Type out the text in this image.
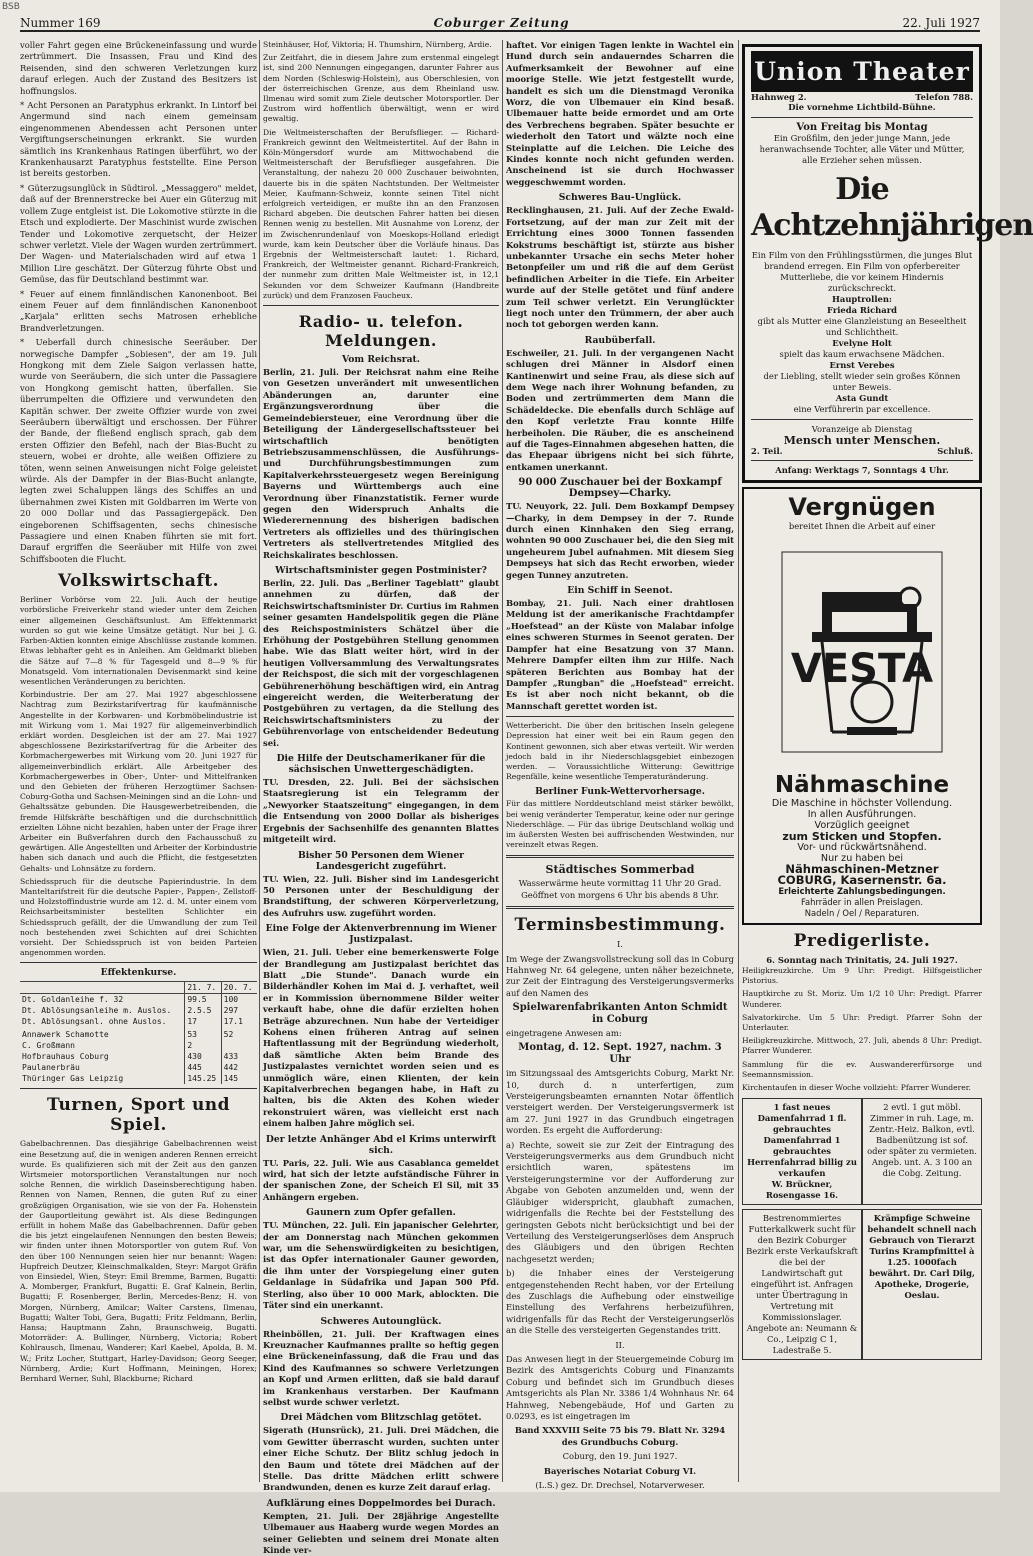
BSB
Nummer 169	Coburger Zeitung	22. Juli 1927

voller Fahrt gegen eine Brückeneinfassung und wurde zertrümmert. Die Insassen, Frau und Kind des Reisenden, sind den schweren Verletzungen kurz darauf erlegen. Auch der Zustand des Besitzers ist hoffnungslos.

* Acht Personen an Paratyphus erkrankt. In Lintorf bei Angermund sind nach einem gemeinsam eingenommenen Abendessen acht Personen unter Vergiftungserscheinungen erkrankt. Sie wurden sämtlich ins Krankenhaus Ratingen überführt, wo der Krankenhausarzt Paratyphus feststellte. Eine Person ist bereits gestorben.

* Güterzugsunglück in Südtirol. „Messaggero" meldet, daß auf der Brennerstrecke bei Auer ein Güterzug mit vollem Zuge entgleist ist. Die Lokomotive stürzte in die Etsch und explodierte. Der Maschinist wurde zwischen Tender und Lokomotive zerquetscht, der Heizer schwer verletzt. Viele der Wagen wurden zertrümmert. Der Wagen- und Materialschaden wird auf etwa 1 Million Lire geschätzt. Der Güterzug führte Obst und Gemüse, das für Deutschland bestimmt war.

* Feuer auf einem finnländischen Kanonenboot. Bei einem Feuer auf dem finnländischen Kanonenboot „Karjala" erlitten sechs Matrosen erhebliche Brandverletzungen.

* Ueberfall durch chinesische Seeräuber. Der norwegische Dampfer „Sobiesen", der am 19. Juli Hongkong mit dem Ziele Saigon verlassen hatte, wurde von Seeräubern, die sich unter die Passagiere von Hongkong gemischt hatten, überfallen. Sie überrumpelten die Offiziere und verwundeten den Kapitän schwer. Der zweite Offizier wurde von zwei Seeräubern überwältigt und erschossen. Der Führer der Bande, der fließend englisch sprach, gab dem ersten Offizier den Befehl, nach der Bias-Bucht zu steuern, wobei er drohte, alle weißen Offiziere zu töten, wenn seinen Anweisungen nicht Folge geleistet würde. Als der Dampfer in der Bias-Bucht anlangte, legten zwei Schaluppen längs des Schiffes an und übernahmen zwei Kisten mit Goldbarren im Werte von 20 000 Dollar und das Passagiergepäck. Den eingeborenen Schiffsagenten, sechs chinesische Passagiere und einen Knaben führten sie mit fort. Darauf ergriffen die Seeräuber mit Hilfe von zwei Schiffsbooten die Flucht.

Volkswirtschaft.

Berliner Vorbörse vom 22. Juli. Auch der heutige vorbörsliche Freiverkehr stand wieder unter dem Zeichen einer allgemeinen Geschäftsunlust. Am Effektenmarkt wurden so gut wie keine Umsätze getätigt. Nur bei J. G. Farben-Aktien konnten einige Abschlüsse zustande kommen. Etwas lebhafter geht es in Anleihen. Am Geldmarkt blieben die Sätze auf 7—8 % für Tagesgeld und 8—9 % für Monatsgeld. Vom internationalen Devisenmarkt sind keine wesentlichen Veränderungen zu berichten.

Korbindustrie. Der am 27. Mai 1927 abgeschlossene Nachtrag zum Bezirkstarifvertrag für kaufmännische Angestellte in der Korbwaren- und Korbmöbelindustrie ist mit Wirkung vom 1. Mai 1927 für allgemeinverbindlich erklärt worden. Desgleichen ist der am 27. Mai 1927 abgeschlossene Bezirkstarifvertrag für die Arbeiter des Korbmachergewerbes mit Wirkung vom 20. Juni 1927 für allgemeinverbindlich erklärt. Alle Arbeitgeber des Korbmachergewerbes in Ober-, Unter- und Mittelfranken und den Gebieten der früheren Herzogtümer Sachsen-Coburg-Gotha und Sachsen-Meiningen sind an die Lohn- und Gehaltssätze gebunden. Die Hausgewerbetreibenden, die fremde Hilfskräfte beschäftigen und die durchschnittlich erzielten Löhne nicht bezahlen, haben unter der Frage ihrer Arbeiter ein Bußverfahren durch den Fachausschuß zu gewärtigen. Alle Angestellten und Arbeiter der Korbindustrie haben sich danach und auch die Pflicht, die festgesetzten Gehalts- und Lohnsätze zu fordern.

Schiedsspruch für die deutsche Papierindustrie. In dem Manteltarifstreit für die deutsche Papier-, Pappen-, Zellstoff- und Holzstoffindustrie wurde am 12. d. M. unter einem vom Reichsarbeitsminister bestellten Schlichter ein Schiedsspruch gefällt, der die Umwandlung der zum Teil noch bestehenden zwei Schichten auf drei Schichten vorsieht. Der Schiedsspruch ist von beiden Parteien angenommen worden.

Effektenkurse.
	21. 7.	20. 7.
Dt. Goldanleihe f. 32	99.5	100
Dt. Ablösungsanleihe m. Auslos.	2.5.5	297
Dt. Ablösungsanl. ohne Auslos.	17	17.1

Annawerk Schamotte	53	52
C. Großmann	2	
Hofbrauhaus Coburg	430	433
Paulanerbräu	445	442
Thüringer Gas Leipzig	145.25	145
Turnen, Sport und Spiel.

Gabelbachrennen. Das diesjährige Gabelbachrennen weist eine Besetzung auf, die in wenigen anderen Rennen erreicht wurde. Es qualifizieren sich mit der Zeit aus den ganzen Wirtsmeier motorsportlichen Veranstaltungen nur noch solche Rennen, die wirklich Daseinsberechtigung haben. Rennen von Namen, Rennen, die guten Ruf zu einer großzügigen Organisation, wie sie von der Fa. Hohenstein der Gauportleitung gewährt ist. Als diese Bedingungen erfüllt in hohem Maße das Gabelbachrennen. Dafür geben die bis jetzt eingelaufenen Nennungen den besten Beweis; wir finden unter ihnen Motorsportler von gutem Ruf. Von den über 100 Nennungen seien hier nur benannt: Wagen: Hupfreich Deutzer, Kleinschmalkalden, Steyr: Margot Gräfin von Einsiedel, Wien, Steyr: Emil Bremme, Barmen, Bugatti: A. Momberger, Frankfurt, Bugatti: E. Graf Kalnein, Berlin, Bugatti; F. Rosenberger, Berlin, Mercedes-Benz; H. von Morgen, Nürnberg, Amilcar; Walter Carstens, Ilmenau, Bugatti; Walter Tobi, Gera, Bugatti; Fritz Feldmann, Berlin, Hansa; Hauptmann Zahn, Braunschweig, Bugatti. Motorräder: A. Bullinger, Nürnberg, Victoria; Robert Kohlrausch, Ilmenau, Wanderer; Karl Kaebel, Apolda, B. M. W.; Fritz Locher, Stuttgart, Harley-Davidson; Georg Seeger, Nürnberg, Ardie; Kurt Hoffmann, Meiningen, Horex; Bernhard Werner, Suhl, Blackburne; Richard

Steinhäuser, Hof, Viktoria; H. Thumshirn, Nürnberg, Ardie.

Zur Zeitfahrt, die in diesem Jahre zum erstenmal eingelegt ist, sind 200 Nennungen eingegangen, darunter Fahrer aus dem Norden (Schleswig-Holstein), aus Oberschlesien, von der österreichischen Grenze, aus dem Rheinland usw. Ilmenau wird somit zum Ziele deutscher Motorsportler. Der Zustrom wird hoffentlich überwältigt, wenn er wird gewaltig.

Die Weltmeisterschaften der Berufsflieger. — Richard-Frankreich gewinnt den Weltmeistertitel. Auf der Bahn in Köln-Müngersdorf wurde am Mittwochabend die Weltmeisterschaft der Berufsflieger ausgefahren. Die Veranstaltung, der nahezu 20 000 Zuschauer beiwohnten, dauerte bis in die späten Nachtstunden. Der Weltmeister Meier, Kaufmann-Schweiz, konnte seinen Titel nicht erfolgreich verteidigen, er mußte ihn an den Franzosen Richard abgeben. Die deutschen Fahrer hatten bei diesen Rennen wenig zu bestellen. Mit Ausnahme von Lorenz, der im Zwischenrundenlauf von Moeskops-Holland erledigt wurde, kam kein Deutscher über die Vorläufe hinaus. Das Ergebnis der Weltmeisterschaft lautet: 1. Richard, Frankreich, der Weltmeister genannt. Richard-Frankreich, der nunmehr zum dritten Male Weltmeister ist, in 12,1 Sekunden vor dem Schweizer Kaufmann (Handbreite zurück) und dem Franzosen Faucheux.

Radio- u. telefon. Meldungen.
Vom Reichsrat.

Berlin, 21. Juli. Der Reichsrat nahm eine Reihe von Gesetzen unverändert mit unwesentlichen Abänderungen an, darunter eine Ergänzungsverordnung über die Gemeindebiersteuer, eine Verordnung über die Beteiligung der Ländergesellschaftssteuer bei wirtschaftlich benötigten Betriebszusammenschlüssen, die Ausführungs- und Durchführungsbestimmungen zum Kapitalverkehrssteuergesetz wegen Bereinigung Bayerns und Württembergs auch eine Verordnung über Finanzstatistik. Ferner wurde gegen den Widerspruch Anhalts die Wiederernennung des bisherigen badischen Vertreters als offizielles und des thüringischen Vertreters als stellvertretendes Mitglied des Reichskalirates beschlossen.

Wirtschaftsminister gegen Postminister?

Berlin, 22. Juli. Das „Berliner Tageblatt" glaubt annehmen zu dürfen, daß der Reichswirtschaftsminister Dr. Curtius im Rahmen seiner gesamten Handelspolitik gegen die Pläne des Reichspostministers Schätzel über die Erhöhung der Postgebühren Stellung genommen habe. Wie das Blatt weiter hört, wird in der heutigen Vollversammlung des Verwaltungsrates der Reichspost, die sich mit der vorgeschlagenen Gebührenerhöhung beschäftigen wird, ein Antrag eingereicht werden, die Weiterberatung der Postgebühren zu vertagen, da die Stellung des Reichswirtschaftsministers zu der Gebührenvorlage von entscheidender Bedeutung sei.

Die Hilfe der Deutschamerikaner für die sächsischen Unwettergeschädigten.

TU. Dresden, 22. Juli. Bei der sächsischen Staatsregierung ist ein Telegramm der „Newyorker Staatszeitung" eingegangen, in dem die Entsendung von 2000 Dollar als bisheriges Ergebnis der Sachsenhilfe des genannten Blattes mitgeteilt wird.

Bisher 50 Personen dem Wiener Landesgericht zugeführt.

TU. Wien, 22. Juli. Bisher sind im Landesgericht 50 Personen unter der Beschuldigung der Brandstiftung, der schweren Körperverletzung, des Aufruhrs usw. zugeführt worden.

Eine Folge der Aktenverbrennung im Wiener Justizpalast.

Wien, 21. Juli. Ueber eine bemerkenswerte Folge der Brandlegung am Justizpalast berichtet das Blatt „Die Stunde". Danach wurde ein Bilderhändler Kohen im Mai d. J. verhaftet, weil er in Kommission übernommene Bilder weiter verkauft habe, ohne die dafür erzielten hohen Beträge abzurechnen. Nun habe der Verteidiger Kohens einen früheren Antrag auf seinen Haftentlassung mit der Begründung wiederholt, daß sämtliche Akten beim Brande des Justizpalastes vernichtet worden seien und es unmöglich wäre, einen Klienten, der kein Kapitalverbrechen begangen habe, in Haft zu halten, bis die Akten des Kohen wieder rekonstruiert wären, was vielleicht erst nach einem halben Jahre möglich sei.

Der letzte Anhänger Abd el Krims unterwirft sich.

TU. Paris, 22. Juli. Wie aus Casablanca gemeldet wird, hat sich der letzte aufständische Führer in der spanischen Zone, der Scheich El Sil, mit 35 Anhängern ergeben.

Gaunern zum Opfer gefallen.

TU. München, 22. Juli. Ein japanischer Gelehrter, der am Donnerstag nach München gekommen war, um die Sehenswürdigkeiten zu besichtigen, ist das Opfer internationaler Gauner geworden, die ihm unter der Vorspiegelung einer guten Geldanlage in Südafrika und Japan 500 Pfd. Sterling, also über 10 000 Mark, ablockten. Die Täter sind ein unerkannt.

Schweres Autounglück.

Rheinböllen, 21. Juli. Der Kraftwagen eines Kreuznacher Kaufmannes prallte so heftig gegen eine Brückeneinfassung, daß die Frau und das Kind des Kaufmannes so schwere Verletzungen an Kopf und Armen erlitten, daß sie bald darauf im Krankenhaus verstarben. Der Kaufmann selbst wurde schwer verletzt.

Drei Mädchen vom Blitzschlag getötet.

Sigerath (Hunsrück), 21. Juli. Drei Mädchen, die vom Gewitter überrascht wurden, suchten unter einer Eiche Schutz. Der Blitz schlug jedoch in den Baum und tötete drei Mädchen auf der Stelle. Das dritte Mädchen erlitt schwere Brandwunden, denen es kurze Zeit darauf erlag.

Aufklärung eines Doppelmordes bei Durach.

Kempten, 21. Juli. Der 28jährige Angestellte Ulbemauer aus Haaberg wurde wegen Mordes an seiner Geliebten und seinem drei Monate alten Kinde ver-

haftet. Vor einigen Tagen lenkte in Wachtel ein Hund durch sein andauerndes Scharren die Aufmerksamkeit der Bewohner auf eine moorige Stelle. Wie jetzt festgestellt wurde, handelt es sich um die Dienstmagd Veronika Worz, die von Ulbemauer ein Kind besaß. Ulbemauer hatte beide ermordet und am Orte des Verbrechens begraben. Später besuchte er wiederholt den Tatort und wälzte noch eine Steinplatte auf die Leichen. Die Leiche des Kindes konnte noch nicht gefunden werden. Anscheinend ist sie durch Hochwasser weggeschwemmt worden.

Schweres Bau-Unglück.

Recklinghausen, 21. Juli. Auf der Zeche Ewald-Fortsetzung, auf der man zur Zeit mit der Errichtung eines 3000 Tonnen fassenden Kokstrums beschäftigt ist, stürzte aus bisher unbekannter Ursache ein sechs Meter hoher Betonpfeiler um und riß die auf dem Gerüst befindlichen Arbeiter in die Tiefe. Ein Arbeiter wurde auf der Stelle getötet und fünf andere zum Teil schwer verletzt. Ein Verunglückter liegt noch unter den Trümmern, der aber auch noch tot geborgen werden kann.

Raubüberfall.

Eschweiler, 21. Juli. In der vergangenen Nacht schlugen drei Männer in Alsdorf einen Kantinenwirt und seine Frau, als diese sich auf dem Wege nach ihrer Wohnung befanden, zu Boden und zertrümmerten dem Mann die Schädeldecke. Die ebenfalls durch Schläge auf den Kopf verletzte Frau konnte Hilfe herbeiholen. Die Räuber, die es anscheinend auf die Tages-Einnahmen abgesehen hatten, die das Ehepaar übrigens nicht bei sich führte, entkamen unerkannt.

90 000 Zuschauer bei der Boxkampf Dempsey—Charky.

TU. Neuyork, 22. Juli. Dem Boxkampf Dempsey—Charky, in dem Dempsey in der 7. Runde durch einen Kinnhaken den Sieg errang, wohnten 90 000 Zuschauer bei, die den Sieg mit ungeheurem Jubel aufnahmen. Mit diesem Sieg Dempseys hat sich das Recht erworben, wieder gegen Tunney anzutreten.

Ein Schiff in Seenot.

Bombay, 21. Juli. Nach einer drahtlosen Meldung ist der amerikanische Frachtdampfer „Hoefstead" an der Küste von Malabar infolge eines schweren Sturmes in Seenot geraten. Der Dampfer hat eine Besatzung von 37 Mann. Mehrere Dampfer eilten ihm zur Hilfe. Nach späteren Berichten aus Bombay hat der Dampfer „Rungban" die „Hoefstead" erreicht. Es ist aber noch nicht bekannt, ob die Mannschaft gerettet worden ist.

Wetterbericht. Die über den britischen Inseln gelegene Depression hat einer weit bei ein Raum gegen den Kontinent gewonnen, sich aber etwas verteilt. Wir werden jedoch bald in ihr Niederschlagsgebiet einbezogen werden. — Voraussichtliche Witterung: Gewittrige Regenfälle, keine wesentliche Temperaturänderung.

Berliner Funk-Wettervorhersage.

Für das mittlere Norddeutschland meist stärker bewölkt, bei wenig veränderter Temperatur, keine oder nur geringe Niederschläge. — Für das übrige Deutschland wolkig und im äußersten Westen bei auffrischenden Westwinden, nur vereinzelt etwas Regen.

Städtisches Sommerbad

Wasserwärme heute vormittag 11 Uhr 20 Grad. Geöffnet von morgens 6 Uhr bis abends 8 Uhr.

Terminsbestimmung.

I.

Im Wege der Zwangsvollstreckung soll das in Coburg Hahnweg Nr. 64 gelegene, unten näher bezeichnete, zur Zeit der Eintragung des Versteigerungsvermerks auf den Namen des

Spielwarenfabrikanten Anton Schmidt in Coburg

eingetragene Anwesen am:

Montag, d. 12. Sept. 1927, nachm. 3 Uhr

im Sitzungssaal des Amtsgerichts Coburg, Markt Nr. 10, durch d. n unterfertigen, zum Versteigerungsbeamten ernannten Notar öffentlich versteigert werden. Der Versteigerungsvermerk ist am 27. Juni 1927 in das Grundbuch eingetragen worden. Es ergeht die Aufforderung:

a) Rechte, soweit sie zur Zeit der Eintragung des Versteigerungsvermerks aus dem Grundbuch nicht ersichtlich waren, spätestens im Versteigerungstermine vor der Aufforderung zur Abgabe von Geboten anzumelden und, wenn der Gläubiger widerspricht, glaubhaft zumachen, widrigenfalls die Rechte bei der Feststellung des geringsten Gebots nicht berücksichtigt und bei der Verteilung des Versteigerungserlöses dem Anspruch des Gläubigers und den übrigen Rechten nachgesetzt werden;

b) die Inhaber eines der Versteigerung entgegenstehenden Recht haben, vor der Erteilung des Zuschlags die Aufhebung oder einstweilige Einstellung des Verfahrens herbeizuführen, widrigenfalls für das Recht der Versteigerungserlös an die Stelle des versteigerten Gegenstandes tritt.

II.

Das Anwesen liegt in der Steuergemeinde Coburg im Bezirk des Amtsgerichts Coburg und Finanzamts Coburg und befindet sich im Grundbuch dieses Amtsgerichts als Plan Nr. 3386 1/4 Wohnhaus Nr. 64 Hahnweg, Nebengebäude, Hof und Garten zu 0.0293, es ist eingetragen im

Band XXXVIII Seite 75 bis 79. Blatt Nr. 3294 des Grundbuchs Coburg.

Coburg, den 19. Juni 1927.

Bayerisches Notariat Coburg VI.

(L.S.) gez. Dr. Drechsel, Notarverweser.

Union Theater
Hahnweg 2.	Telefon 788.

Die vornehme Lichtbild-Bühne.

Von Freitag bis Montag

Ein Großfilm, den jeder junge Mann, jede heranwachsende Tochter, alle Väter und Mütter, alle Erzieher sehen müssen.

Die Achtzehnjährigen

Ein Film von den Frühlingsstürmen, die junges Blut brandend erregen. Ein Film von opferbereiter Mutterliebe, die vor keinem Hindernis zurückschreckt.

Hauptrollen:

Frieda Richard

gibt als Mutter eine Glanzleistung an Beseeltheit und Schlichtheit.

Evelyne Holt

spielt das kaum erwachsene Mädchen.

Ernst Verebes

der Liebling, stellt wieder sein großes Können unter Beweis.

Asta Gundt

eine Verführerin par excellence.

Voranzeige ab Dienstag

Mensch unter Menschen.

2. Teil.	Schluß.

Anfang: Werktags 7, Sonntags 4 Uhr.

Vergnügen

bereitet Ihnen die Arbeit auf einer

VESTA
Nähmaschine

Die Maschine in höchster Vollendung.

In allen Ausführungen.

Vorzüglich geeignet

zum Sticken und Stopfen.

Vor- und rückwärtsnähend.

Nur zu haben bei

Nähmaschinen-Metzner

COBURG, Kasernenstr. 6a.

Erleichterte Zahlungsbedingungen.

Fahrräder in allen Preislagen.

Nadeln / Oel / Reparaturen.

Predigerliste.

6. Sonntag nach Trinitatis, 24. Juli 1927.

Heiligkreuzkirche. Um 9 Uhr: Predigt. Hilfsgeistlicher Pistorius.

Hauptkirche zu St. Moriz. Um 1/2 10 Uhr: Predigt. Pfarrer Wunderer.

Salvatorkirche. Um 5 Uhr: Predigt. Pfarrer Sohn der Unterlauter.

Heiligkreuzkirche. Mittwoch, 27. Juli, abends 8 Uhr: Predigt. Pfarrer Wunderer.

Sammlung für die ev. Auswandererfürsorge und Seemannsmission.

Kirchentaufen in dieser Woche vollzieht: Pfarrer Wunderer.

1 fast neues Damenfahrrad 1 fl. gebrauchtes Damenfahrrad 1 gebrauchtes Herrenfahrrad billig zu verkaufen

W. Brückner, Rosengasse 16.

2 evtl. 1 gut möbl. Zimmer in ruh. Lage, m. Zentr.-Heiz. Balkon, evtl. Badbenützung ist sof. oder später zu vermieten. Angeb. unt. A. 3 100 an die Cobg. Zeitung.

Bestrenommiertes Futterkalkwerk sucht für den Bezirk Coburger Bezirk erste Verkaufskraft die bei der Landwirtschaft gut eingeführt ist. Anfragen unter Übertragung in Vertretung mit Kommissionslager. Angebote an: Neumann & Co., Leipzig C 1, Ladestraße 5.

Krämpfige Schweine behandelt schnell nach Gebrauch von Tierarzt Turins Krampfmittel à 1.25. 1000fach bewährt. Dr. Carl Dilg, Apotheke, Drogerie, Oeslau.
